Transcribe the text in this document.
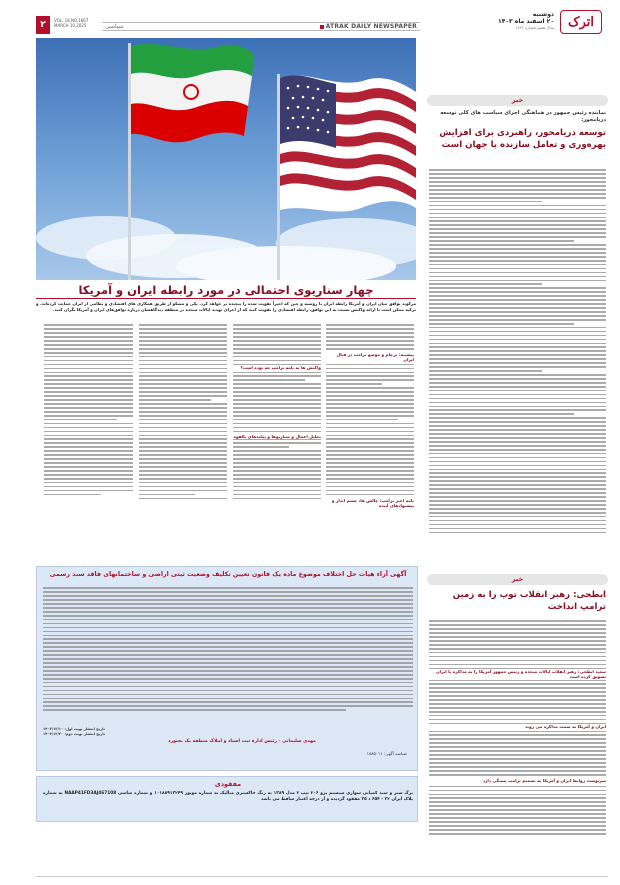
اترک
دوشنبه
۲۰ اسفند ماه ۱۴۰۳
سال هفتم شماره ۱۸۲۶
سیاسی	ATRAK DAILY NEWSPAPER
۲ VOL. 18,NO.1667
MARCH 10,2025
چهار سناریوی احتمالی در مورد رابطه ایران و آمریکا
مرکوند توافق میان ایران و آمریکا رابطه ایران با روسیه و چین که اخیراً تقویت شده را پیچیده تر خواهد کرد. یکی و مسکو از طریق همکاری های اقتصادی و نظامی از ایران حمایت کرده‌اند. و ترکیه ممکن است با ارائه واکنش نسبت به این توافق، رابطه اقتصادی را تقویت کنند که از اجرای تهدید ایالات متحده در منطقه دیدگاهشان درباره توافق‌های ایران و آمریکا نگران کنند.
پیشینه: برجام و موضع ترامپ در قبال ایران
نامه اخیر ترامپ: چالش ها، چشم انداز و پیشنهادهای آینده
واکنش ها به نامه ترامپ چه بوده است؟
تحلیل اعمال و سناریوها و پیامدهای بالقوه
خبر
نماینده رئیس جمهور در هماهنگی اجرای سیاست های کلی توسعه دریامحور:
توسعه دریامحور، راهبردی برای افزایش بهره‌وری و تعامل سازنده با جهان است
خبر
ابطحی: رهبر انقلاب توپ را به زمین ترامپ انداخت
سعید ابطحی: رهبر انقلاب ایالات متحده و رئیس جمهور آمریکا را به مذاکره با ایران تشویق کرده است
ایران و آمریکا به سمت مذاکره می روند
سرنوشت روابط ایران و آمریکا به تصمیم ترامپ بستگی دارد
آگهی آراء هیات حل اختلاف موضوع ماده یک قانون تعیین تکلیف وضعیت ثبتی اراضی و ساختمانهای فاقد سند رسمی
تاریخ انتشار نوبت اول: ۱۴۰۳/۱۲/۱۰
تاریخ انتشار نوبت دوم: ۱۴۰۳/۱۲/۲۰
مهدی سلیمانی - رئیس اداره ثبت اسناد و املاک منطقه یک بجنورد
شناسه آگهی: ۱۸۸۵۰۱۱
مفقودی
برگ سبز و سند کمپانی سواری سیستم پژو ۲۰۶ تیپ ۲ مدل ۱۳۸۹ به رنگ خاکستری متالیک به شماره موتور ۱۰۱۸۸۹۱۳۲۴۹ و شماره شاسی NAAP41FD3AJ467108 به شماره پلاک ایران ۳۲ - ۶۵۴ د ۳۵ مفقود گردیده و از درجه اعتبار ساقط می باشد
